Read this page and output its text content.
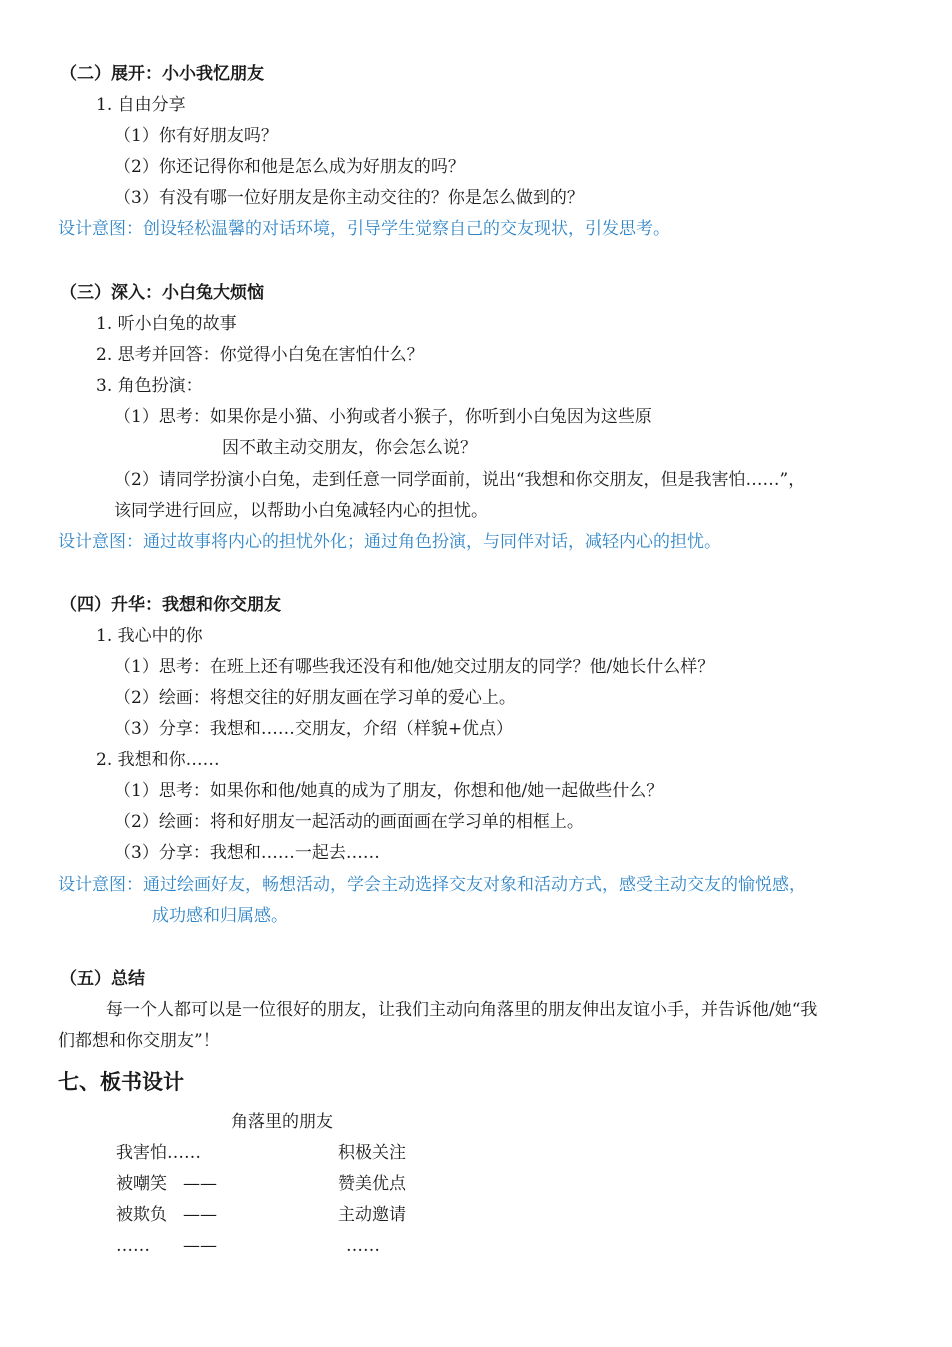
（二）展开：小小我忆朋友
1. 自由分享
（1）你有好朋友吗？
（2）你还记得你和他是怎么成为好朋友的吗？
（3）有没有哪一位好朋友是你主动交往的？你是怎么做到的？
设计意图：创设轻松温馨的对话环境，引导学生觉察自己的交友现状，引发思考。
（三）深入：小白兔大烦恼
1. 听小白兔的故事
2. 思考并回答：你觉得小白兔在害怕什么？
3. 角色扮演：
（1）思考：如果你是小猫、小狗或者小猴子，你听到小白兔因为这些原
因不敢主动交朋友，你会怎么说？
（2）请同学扮演小白兔，走到任意一同学面前，说出“我想和你交朋友，但是我害怕……”，
该同学进行回应，以帮助小白兔减轻内心的担忧。
设计意图：通过故事将内心的担忧外化；通过角色扮演，与同伴对话，减轻内心的担忧。
（四）升华：我想和你交朋友
1. 我心中的你
（1）思考：在班上还有哪些我还没有和他/她交过朋友的同学？他/她长什么样？
（2）绘画：将想交往的好朋友画在学习单的爱心上。
（3）分享：我想和……交朋友，介绍（样貌+优点）
2. 我想和你……
（1）思考：如果你和他/她真的成为了朋友，你想和他/她一起做些什么？
（2）绘画：将和好朋友一起活动的画面画在学习单的相框上。
（3）分享：我想和……一起去……
设计意图：通过绘画好友，畅想活动，学会主动选择交友对象和活动方式，感受主动交友的愉悦感，
成功感和归属感。
（五）总结
每一个人都可以是一位很好的朋友，让我们主动向角落里的朋友伸出友谊小手，并告诉他/她“我
们都想和你交朋友”！
七、板书设计
角落里的朋友
我害怕……	积极关注
被嘲笑 ——	赞美优点
被欺负 ——	主动邀请
…… ——	……
